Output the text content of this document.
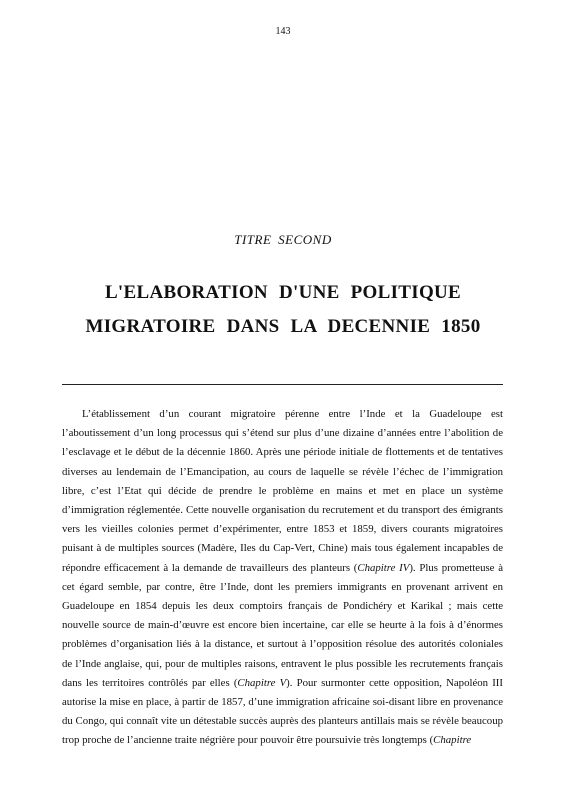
143
TITRE SECOND
L'ELABORATION D'UNE POLITIQUE
MIGRATOIRE DANS LA DECENNIE 1850

L’établissement d’un courant migratoire pérenne entre l’Inde et la Guadeloupe est l’aboutissement d’un long processus qui s’étend sur plus d’une dizaine d’années entre l’abolition de l’esclavage et le début de la décennie 1860. Après une période initiale de flottements et de tentatives diverses au lendemain de l’Emancipation, au cours de laquelle se révèle l’échec de l’immigration libre, c’est l’Etat qui décide de prendre le problème en mains et met en place un système d’immigration réglementée. Cette nouvelle organisation du recrutement et du transport des émigrants vers les vieilles colonies permet d’expérimenter, entre 1853 et 1859, divers courants migratoires puisant à de multiples sources (Madère, Iles du Cap-Vert, Chine) mais tous également incapables de répondre efficacement à la demande de travailleurs des planteurs (Chapitre IV). Plus prometteuse à cet égard semble, par contre, être l’Inde, dont les premiers immigrants en provenant arrivent en Guadeloupe en 1854 depuis les deux comptoirs français de Pondichéry et Karikal ; mais cette nouvelle source de main-d’œuvre est encore bien incertaine, car elle se heurte à la fois à d’énormes problèmes d’organisation liés à la distance, et surtout à l’opposition résolue des autorités coloniales de l’Inde anglaise, qui, pour de multiples raisons, entravent le plus possible les recrutements français dans les territoires contrôlés par elles (Chapitre V). Pour surmonter cette opposition, Napoléon III autorise la mise en place, à partir de 1857, d’une immigration africaine soi-disant libre en provenance du Congo, qui connaît vite un détestable succès auprès des planteurs antillais mais se révèle beaucoup trop proche de l’ancienne traite négrière pour pouvoir être poursuivie très longtemps (Chapitre
